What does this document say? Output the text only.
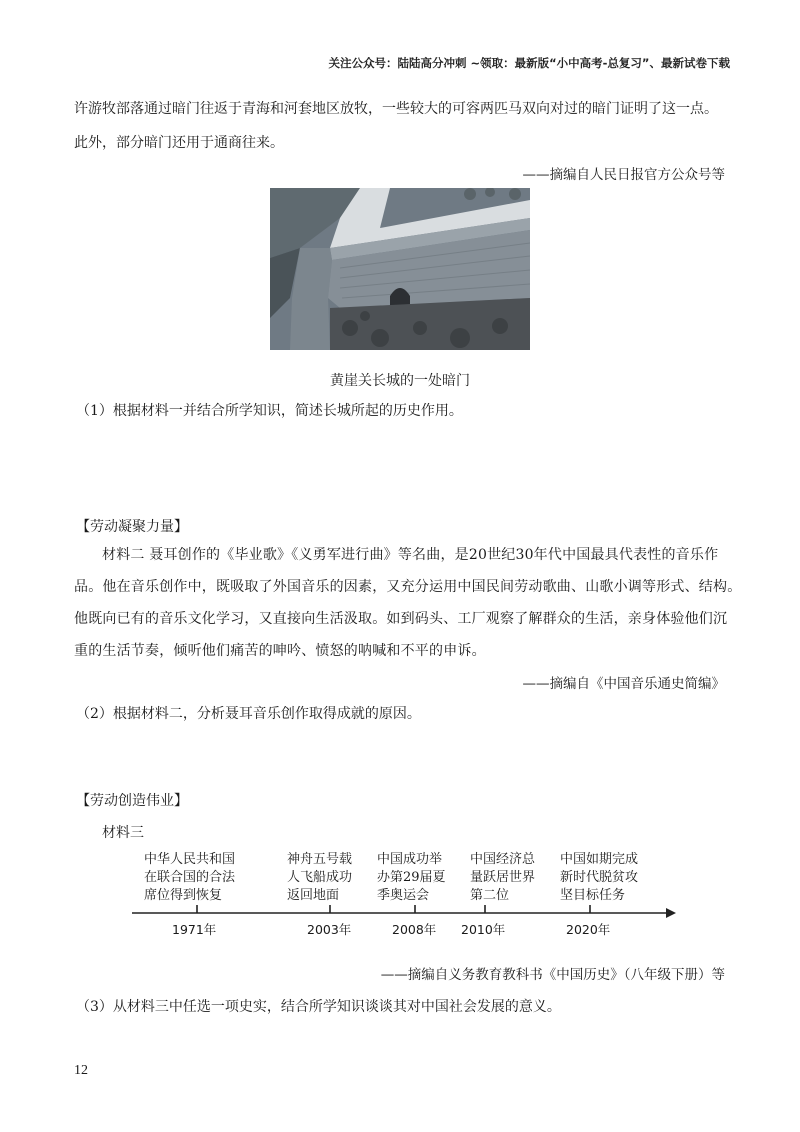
关注公众号：陆陆高分冲刺 ~领取：最新版“小中高考-总复习”、最新试卷下载
许游牧部落通过暗门往返于青海和河套地区放牧，一些较大的可容两匹马双向对过的暗门证明了这一点。
此外，部分暗门还用于通商往来。
——摘编自人民日报官方公众号等
黄崖关长城的一处暗门
（1）根据材料一并结合所学知识，简述长城所起的历史作用。
【劳动凝聚力量】
材料二 聂耳创作的《毕业歌》《义勇军进行曲》等名曲，是20世纪30年代中国最具代表性的音乐作
品。他在音乐创作中，既吸取了外国音乐的因素，又充分运用中国民间劳动歌曲、山歌小调等形式、结构。
他既向已有的音乐文化学习，又直接向生活汲取。如到码头、工厂观察了解群众的生活，亲身体验他们沉
重的生活节奏，倾听他们痛苦的呻吟、愤怒的呐喊和不平的申诉。
——摘编自《中国音乐通史简编》
（2）根据材料二，分析聂耳音乐创作取得成就的原因。
【劳动创造伟业】
材料三
中华人民共和国
在联合国的合法
席位得到恢复
1971年
神舟五号载
人飞船成功
返回地面
2003年
中国成功举
办第29届夏
季奥运会
2008年
中国经济总
量跃居世界
第二位
2010年
中国如期完成
新时代脱贫攻
坚目标任务
2020年
——摘编自义务教育教科书《中国历史》（八年级下册）等
（3）从材料三中任选一项史实，结合所学知识谈谈其对中国社会发展的意义。
12
